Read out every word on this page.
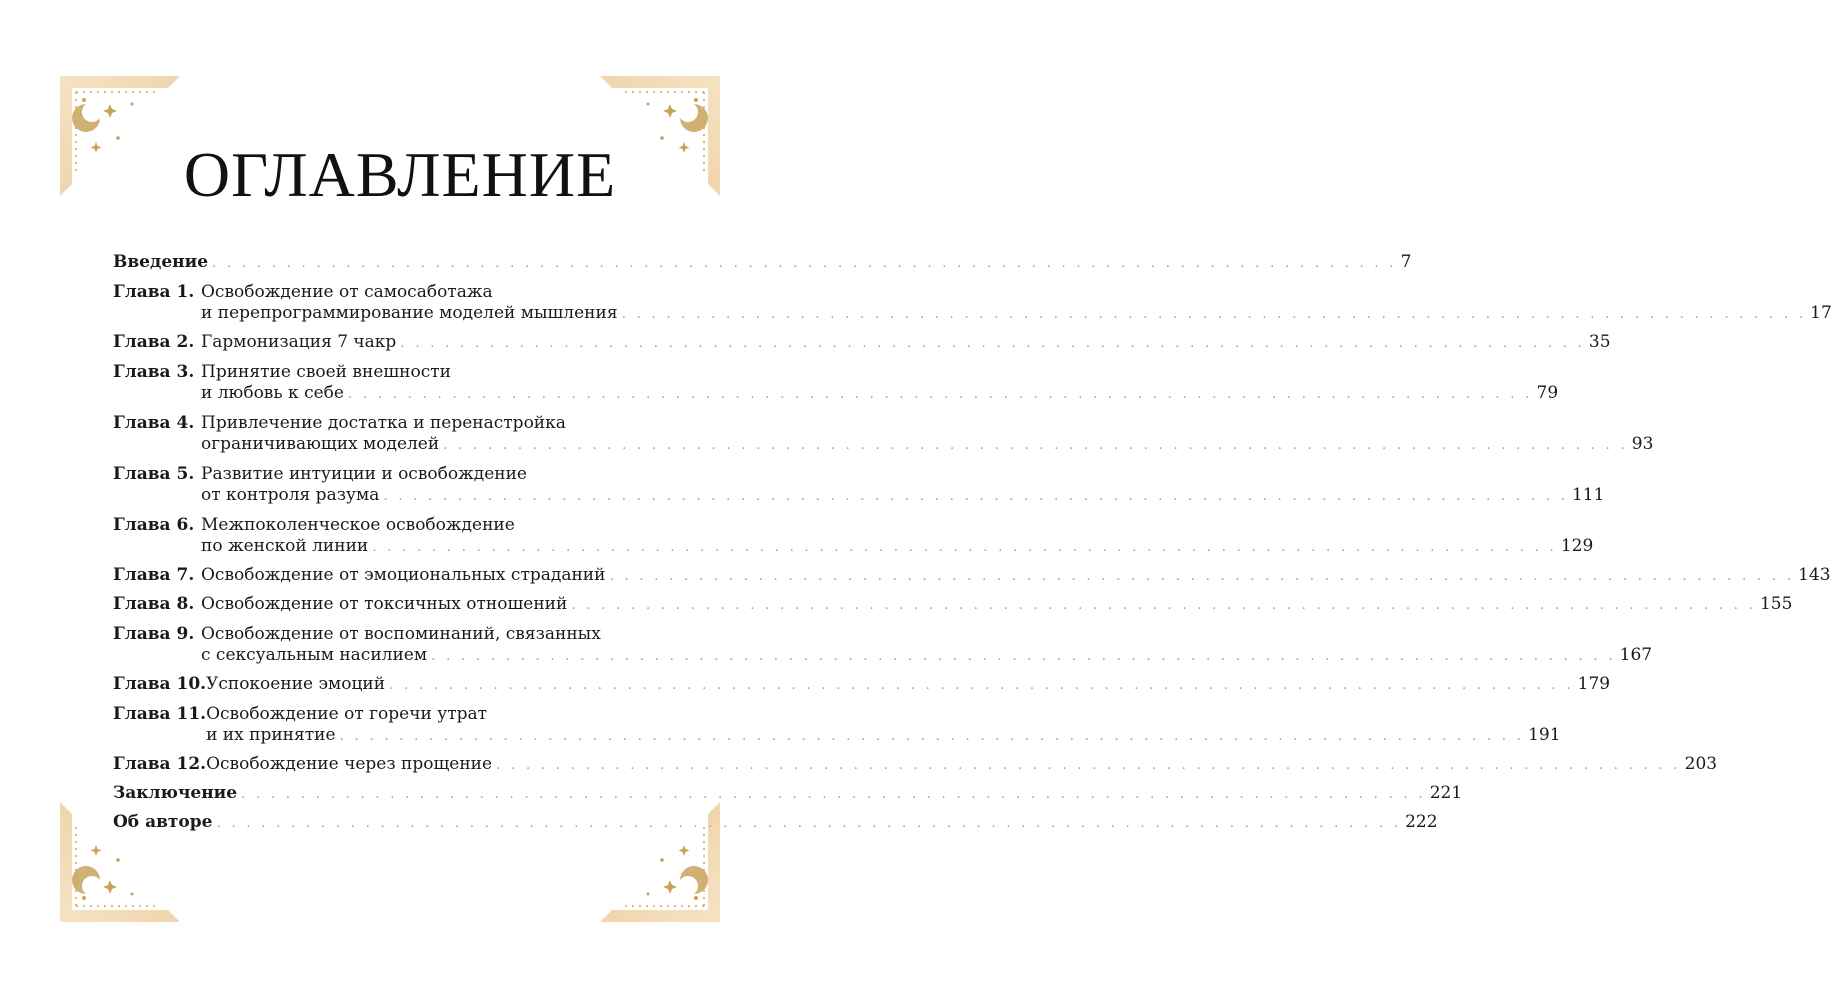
ОГЛАВЛЕНИЕ
Введение . . . . . . . . . . . . . . . . . . . . . . . . . . . . . . . . . . . . . . . . . . . . . . . . . . . . . . . . . . . . . . . . . . . . . . . . . . . . . . . . 7
Глава 1. Освобождение от самосаботажа
и перепрограммирование моделей мышления . . . . . . . . . . . . . . . . . . . . . . . . . . . . . . . . . . . . . . . . . . . . . . . . . . . . . . . . . . . . . . . . . . . . . . . . . . . . . . . . 17
Глава 2. Гармонизация 7 чакр . . . . . . . . . . . . . . . . . . . . . . . . . . . . . . . . . . . . . . . . . . . . . . . . . . . . . . . . . . . . . . . . . . . . . . . . . . . . . . . . 35
Глава 3. Принятие своей внешности
и любовь к себе . . . . . . . . . . . . . . . . . . . . . . . . . . . . . . . . . . . . . . . . . . . . . . . . . . . . . . . . . . . . . . . . . . . . . . . . . . . . . . . . 79
Глава 4. Привлечение достатка и перенастройка
ограничивающих моделей . . . . . . . . . . . . . . . . . . . . . . . . . . . . . . . . . . . . . . . . . . . . . . . . . . . . . . . . . . . . . . . . . . . . . . . . . . . . . . . . 93
Глава 5. Развитие интуиции и освобождение
от контроля разума . . . . . . . . . . . . . . . . . . . . . . . . . . . . . . . . . . . . . . . . . . . . . . . . . . . . . . . . . . . . . . . . . . . . . . . . . . . . . . . . 111
Глава 6. Межпоколенческое освобождение
по женской линии . . . . . . . . . . . . . . . . . . . . . . . . . . . . . . . . . . . . . . . . . . . . . . . . . . . . . . . . . . . . . . . . . . . . . . . . . . . . . . . . 129
Глава 7. Освобождение от эмоциональных страданий . . . . . . . . . . . . . . . . . . . . . . . . . . . . . . . . . . . . . . . . . . . . . . . . . . . . . . . . . . . . . . . . . . . . . . . . . . . . . . . . 143
Глава 8. Освобождение от токсичных отношений . . . . . . . . . . . . . . . . . . . . . . . . . . . . . . . . . . . . . . . . . . . . . . . . . . . . . . . . . . . . . . . . . . . . . . . . . . . . . . . . 155
Глава 9. Освобождение от воспоминаний, связанных
с сексуальным насилием . . . . . . . . . . . . . . . . . . . . . . . . . . . . . . . . . . . . . . . . . . . . . . . . . . . . . . . . . . . . . . . . . . . . . . . . . . . . . . . . 167
Глава 10. Успокоение эмоций . . . . . . . . . . . . . . . . . . . . . . . . . . . . . . . . . . . . . . . . . . . . . . . . . . . . . . . . . . . . . . . . . . . . . . . . . . . . . . . . 179
Глава 11. Освобождение от горечи утрат
и их принятие . . . . . . . . . . . . . . . . . . . . . . . . . . . . . . . . . . . . . . . . . . . . . . . . . . . . . . . . . . . . . . . . . . . . . . . . . . . . . . . . 191
Глава 12. Освобождение через прощение . . . . . . . . . . . . . . . . . . . . . . . . . . . . . . . . . . . . . . . . . . . . . . . . . . . . . . . . . . . . . . . . . . . . . . . . . . . . . . . . 203
Заключение . . . . . . . . . . . . . . . . . . . . . . . . . . . . . . . . . . . . . . . . . . . . . . . . . . . . . . . . . . . . . . . . . . . . . . . . . . . . . . . . 221
Об авторе . . . . . . . . . . . . . . . . . . . . . . . . . . . . . . . . . . . . . . . . . . . . . . . . . . . . . . . . . . . . . . . . . . . . . . . . . . . . . . . . 222
